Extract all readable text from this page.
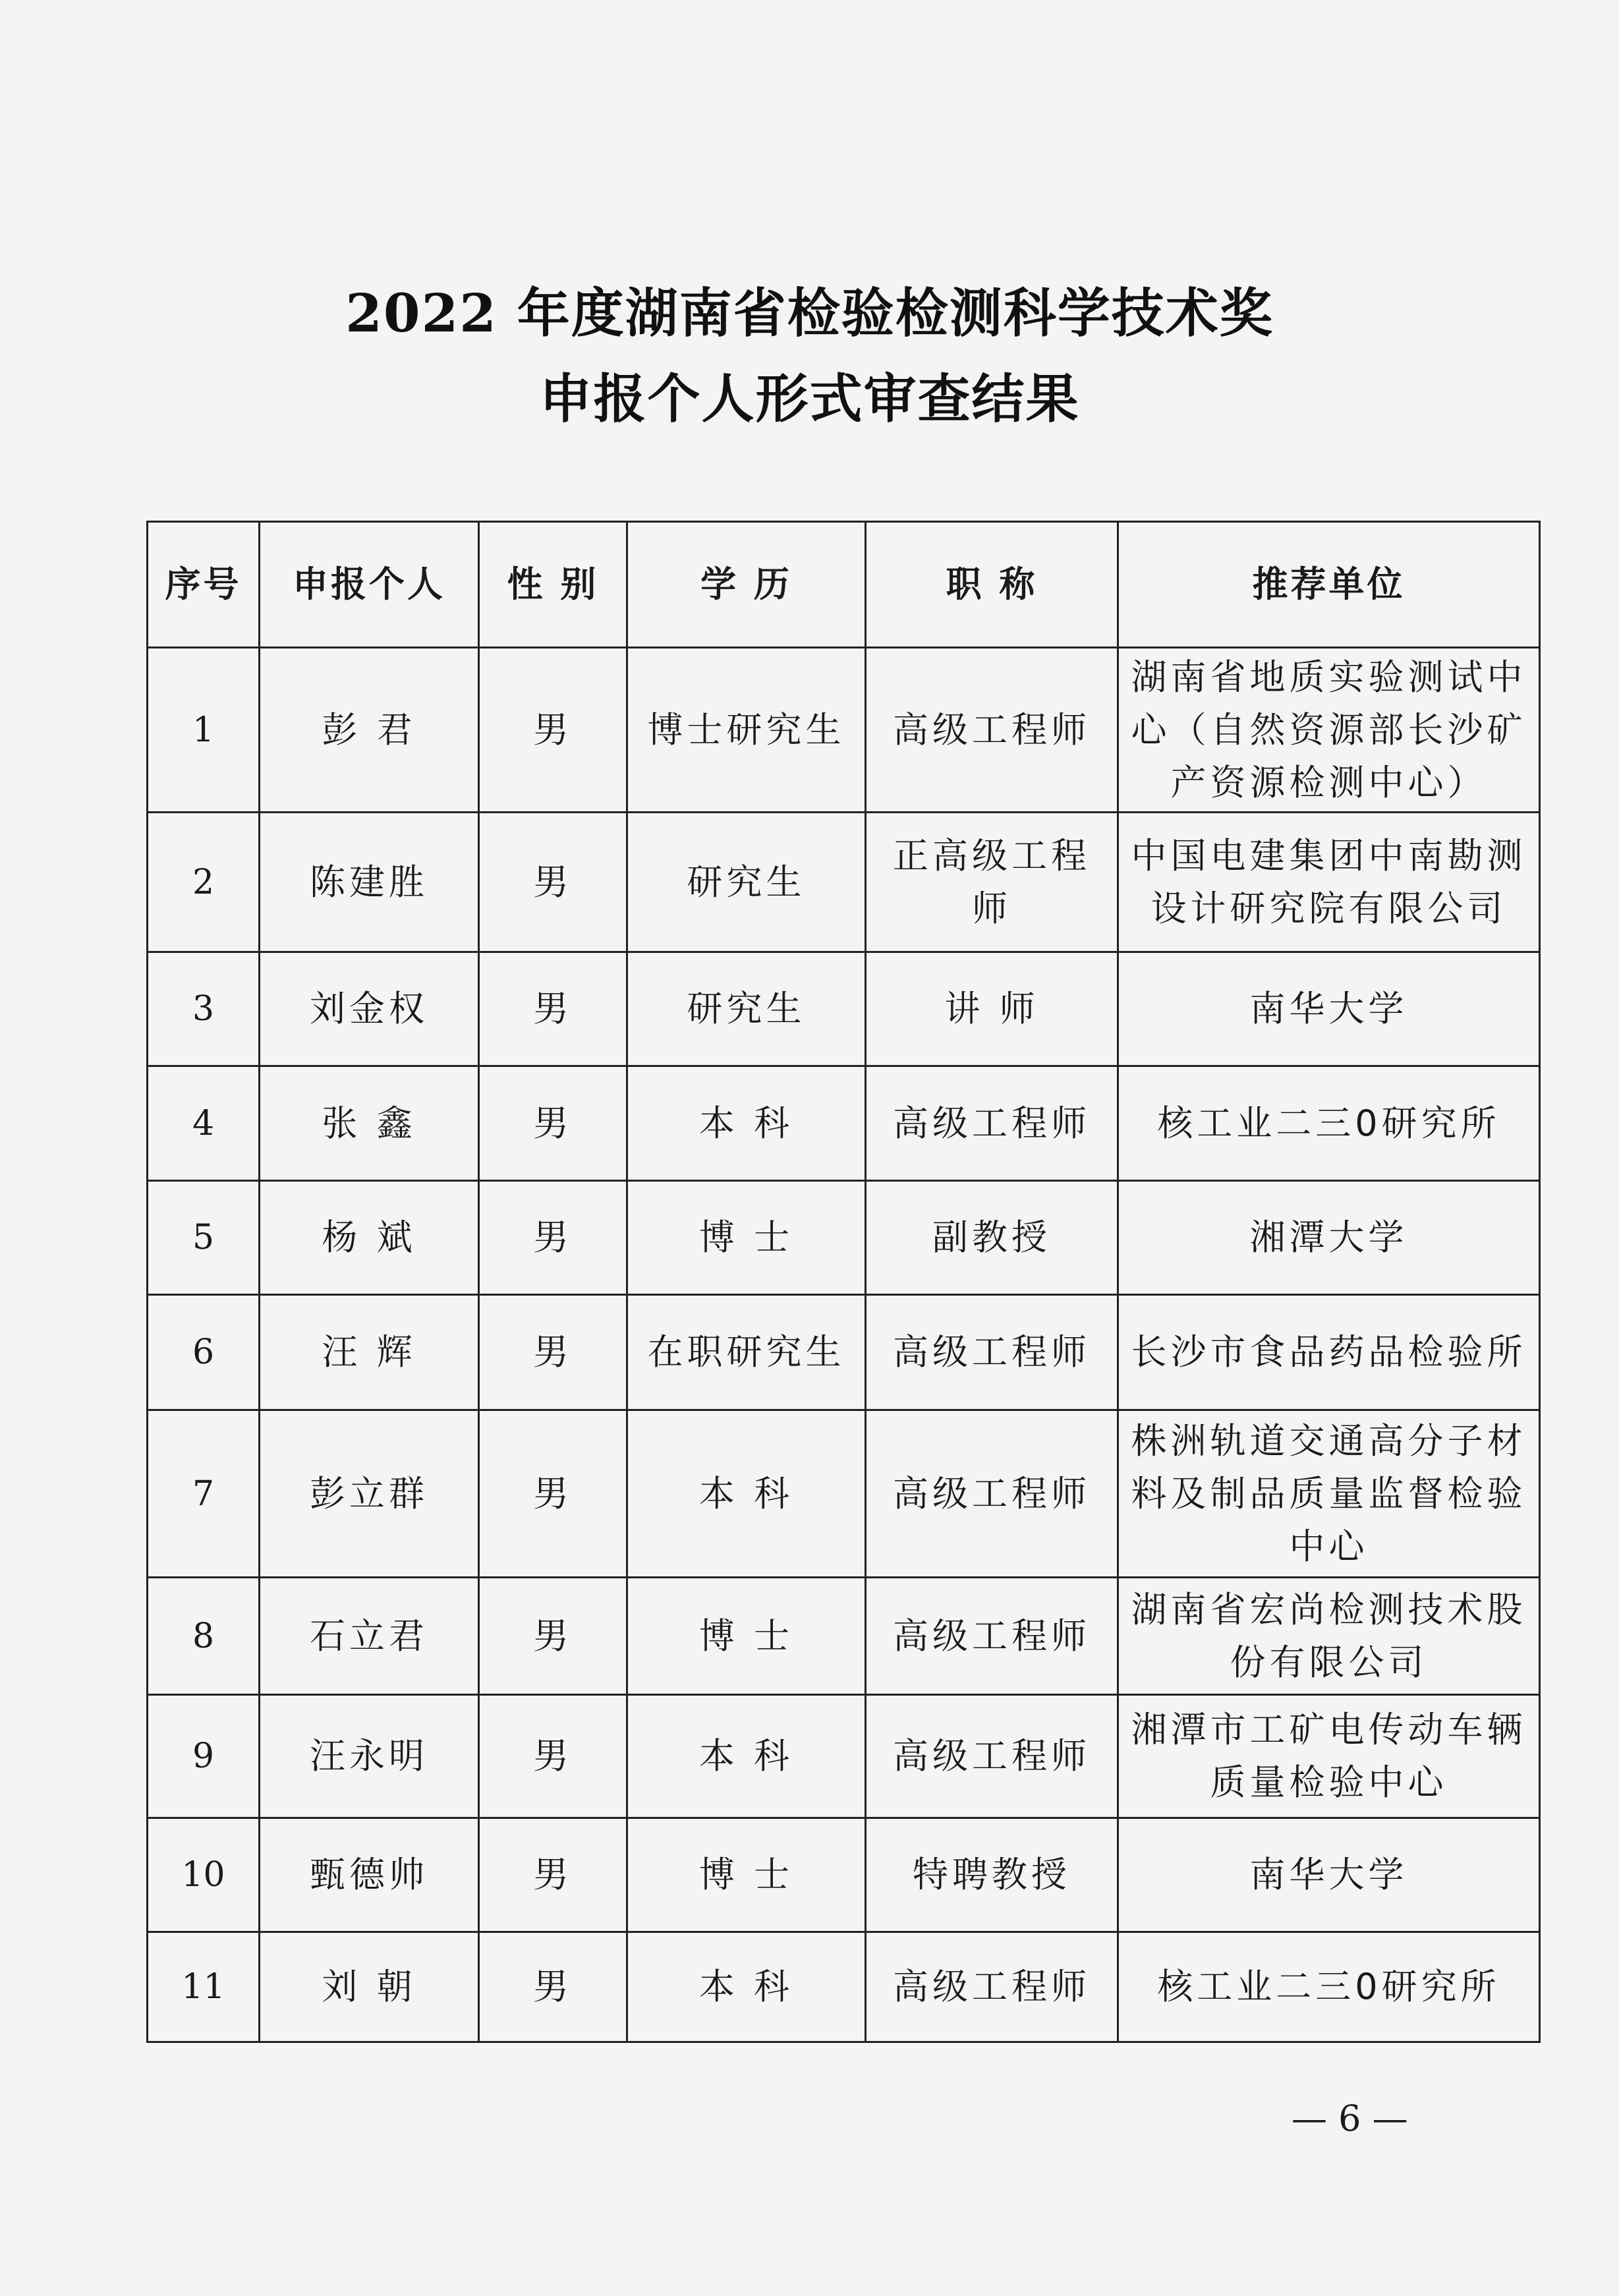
2022 年度湖南省检验检测科学技术奖
申报个人形式审查结果
序号	申报个人	性 别	学 历	职 称	推荐单位
1	彭 君	男	博士研究生	高级工程师	湖南省地质实验测试中心（自然资源部长沙矿产资源检测中心）
2	陈建胜	男	研究生	正高级工程师	中国电建集团中南勘测设计研究院有限公司
3	刘金权	男	研究生	讲 师	南华大学
4	张 鑫	男	本 科	高级工程师	核工业二三0研究所
5	杨 斌	男	博 士	副教授	湘潭大学
6	汪 辉	男	在职研究生	高级工程师	长沙市食品药品检验所
7	彭立群	男	本 科	高级工程师	株洲轨道交通高分子材料及制品质量监督检验中心
8	石立君	男	博 士	高级工程师	湖南省宏尚检测技术股份有限公司
9	汪永明	男	本 科	高级工程师	湘潭市工矿电传动车辆质量检验中心
10	甄德帅	男	博 士	特聘教授	南华大学
11	刘 朝	男	本 科	高级工程师	核工业二三0研究所
— 6 —
